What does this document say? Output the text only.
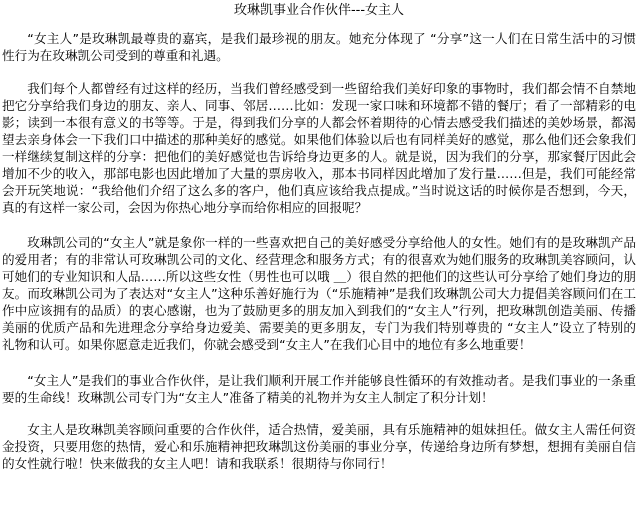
玫琳凯事业合作伙伴---女主人

“女主人”是玫琳凯最尊贵的嘉宾，是我们最珍视的朋友。她充分体现了 “分享”这一人们在日常生活中的习惯性行为在玫琳凯公司受到的尊重和礼遇。

我们每个人都曾经有过这样的经历，当我们曾经感受到一些留给我们美好印象的事物时，我们都会情不自禁地把它分享给我们身边的朋友、亲人、同事、邻居……比如：发现一家口味和环境都不错的餐厅；看了一部精彩的电影；读到一本很有意义的书等等。于是，得到我们分享的人都会怀着期待的心情去感受我们描述的美妙场景，都渴望去亲身体会一下我们口中描述的那种美好的感觉。如果他们体验以后也有同样美好的感觉，那么他们还会象我们一样继续复制这样的分享：把他们的美好感觉也告诉给身边更多的人。就是说，因为我们的分享，那家餐厅因此会增加不少的收入，那部电影也因此增加了大量的票房收入，那本书同样因此增加了发行量……但是，我们可能经常会开玩笑地说：“我给他们介绍了这么多的客户，他们真应该给我点提成。”当时说这话的时候你是否想到，今天，真的有这样一家公司，会因为你热心地分享而给你相应的回报呢？

玫琳凯公司的“女主人”就是象你一样的一些喜欢把自己的美好感受分享给他人的女性。她们有的是玫琳凯产品的爱用者；有的非常认可玫琳凯公司的文化、经营理念和服务方式；有的很喜欢为她们服务的玫琳凯美容顾问，认可她们的专业知识和人品……所以这些女性（男性也可以哦 ＿）很自然的把他们的这些认可分享给了她们身边的朋友。而玫琳凯公司为了表达对“女主人”这种乐善好施行为（“乐施精神”是我们玫琳凯公司大力提倡美容顾问们在工作中应该拥有的品质）的衷心感谢，也为了鼓励更多的朋友加入到我们的“女主人”行列，把玫琳凯创造美丽、传播美丽的优质产品和先进理念分享给身边爱美、需要美的更多朋友，专门为我们特别尊贵的 “女主人”设立了特别的礼物和认可。如果你愿意走近我们，你就会感受到“女主人”在我们心目中的地位有多么地重要！

“女主人”是我们的事业合作伙伴，是让我们顺利开展工作并能够良性循环的有效推动者。是我们事业的一条重要的生命线！玫琳凯公司专门为“女主人”准备了精美的礼物并为女主人制定了积分计划！

女主人是玫琳凯美容顾问重要的合作伙伴，适合热情，爱美丽，具有乐施精神的姐妹担任。做女主人需任何资金投资，只要用您的热情，爱心和乐施精神把玫琳凯这份美丽的事业分享，传递给身边所有梦想，想拥有美丽自信的女性就行啦！快来做我的女主人吧！请和我联系！很期待与你同行！
